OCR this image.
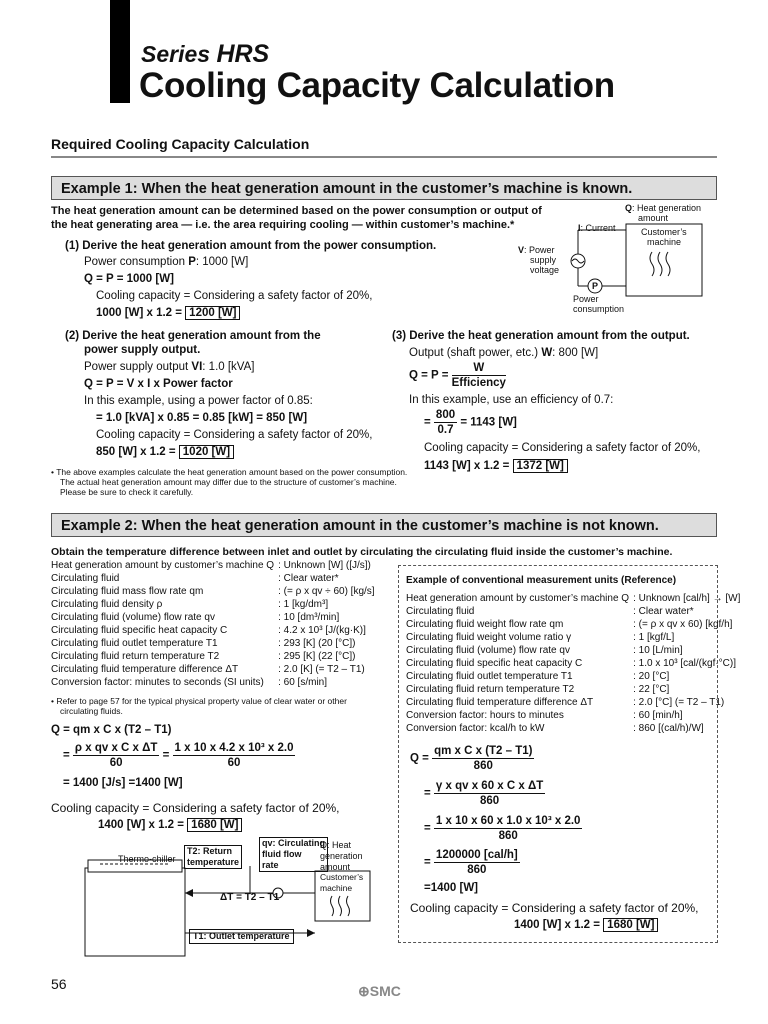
Series HRS
Cooling Capacity Calculation
Required Cooling Capacity Calculation
Example 1: When the heat generation amount in the customer’s machine is known.
The heat generation amount can be determined based on the power consumption or output of
the heat generating area — i.e. the area requiring cooling — within customer’s machine.*
Q: Heat generation
amount
I: Current	Customer’s
machine
V: Power
supply
voltage
P
Power
consumption
(1) Derive the heat generation amount from the power consumption.
Power consumption P: 1000 [W]
Q = P = 1000 [W]
Cooling capacity = Considering a safety factor of 20%,
1000 [W] x 1.2 = 1200 [W]
(2) Derive the heat generation amount from the
power supply output.
Power supply output VI: 1.0 [kVA]
Q = P = V x I x Power factor
In this example, using a power factor of 0.85:
= 1.0 [kVA] x 0.85 = 0.85 [kW] = 850 [W]
Cooling capacity = Considering a safety factor of 20%,
850 [W] x 1.2 = 1020 [W]
(3) Derive the heat generation amount from the output.
Output (shaft power, etc.) W: 800 [W]
$Q = P = \frac{W}{\text{Efficiency}}$
In this example, use an efficiency of 0.7:
= $\frac{800}{0.7} = 1143$ [W]
Cooling capacity = Considering a safety factor of 20%,
1143 [W] x 1.2 = 1372 [W]
• The above examples calculate the heat generation amount based on the power consumption.
The actual heat generation amount may differ due to the structure of customer’s machine.
Please be sure to check it carefully.
Example 2: When the heat generation amount in the customer’s machine is not known.
Obtain the temperature difference between inlet and outlet by circulating the circulating fluid inside the customer’s machine.
Heat generation amount by customer’s machine Q	: Unknown [W] ([J/s])
Circulating fluid	: Clear water*
Circulating fluid mass flow rate qm	: (= ρ x qv ÷ 60) [kg/s]
Circulating fluid density ρ	: 1 [kg/dm³]
Circulating fluid (volume) flow rate qv	: 10 [dm³/min]
Circulating fluid specific heat capacity C	: 4.2 x 10³ [J/(kg·K)]
Circulating fluid outlet temperature T1	: 293 [K] (20 [°C])
Circulating fluid return temperature T2	: 295 [K] (22 [°C])
Circulating fluid temperature difference ΔT	: 2.0 [K] (= T2 – T1)
Conversion factor: minutes to seconds (SI units)	: 60 [s/min]
• Refer to page 57 for the typical physical property value of clear water or other
circulating fluids.
Q = qm x C x (T2 – T1)
= $\frac{\text{ρ x qv x C x ΔT}}{60} = \frac{\text{1 x 10 x 4.2 x 10³ x 2.0}}{60}$
= 1400 [J/s] =1400 [W]
Cooling capacity = Considering a safety factor of 20%,
1400 [W] x 1.2 = 1680 [W]
Thermo-chiller
T2: Return
temperature
qv: Circulating
fluid flow
rate
Q: Heat
generation
amount
Customer’s
machine
ΔT = T2 – T1
T1: Outlet temperature
Example of conventional measurement units (Reference)
Heat generation amount by customer’s machine Q	: Unknown [cal/h] → [W]
Circulating fluid	: Clear water*
Circulating fluid weight flow rate qm	: (= ρ x qv x 60) [kgf/h]
Circulating fluid weight volume ratio γ	: 1 [kgf/L]
Circulating fluid (volume) flow rate qv	: 10 [L/min]
Circulating fluid specific heat capacity C	: 1.0 x 10³ [cal/(kgf·°C)]
Circulating fluid outlet temperature T1	: 20 [°C]
Circulating fluid return temperature T2	: 22 [°C]
Circulating fluid temperature difference ΔT	: 2.0 [°C] (= T2 – T1)
Conversion factor: hours to minutes	: 60 [min/h]
Conversion factor: kcal/h to kW	: 860 [(cal/h)/W]
$Q = \frac{\text{qm x C x (T2 – T1)}}{860}$
= $\frac{\text{γ x qv x 60 x C x ΔT}}{860}$
= $\frac{\text{1 x 10 x 60 x 1.0 x 10³ x 2.0}}{860}$
= $\frac{\text{1200000 [cal/h]}}{860}$
=1400 [W]
Cooling capacity = Considering a safety factor of 20%,
1400 [W] x 1.2 = 1680 [W]
56	⊕SMC
